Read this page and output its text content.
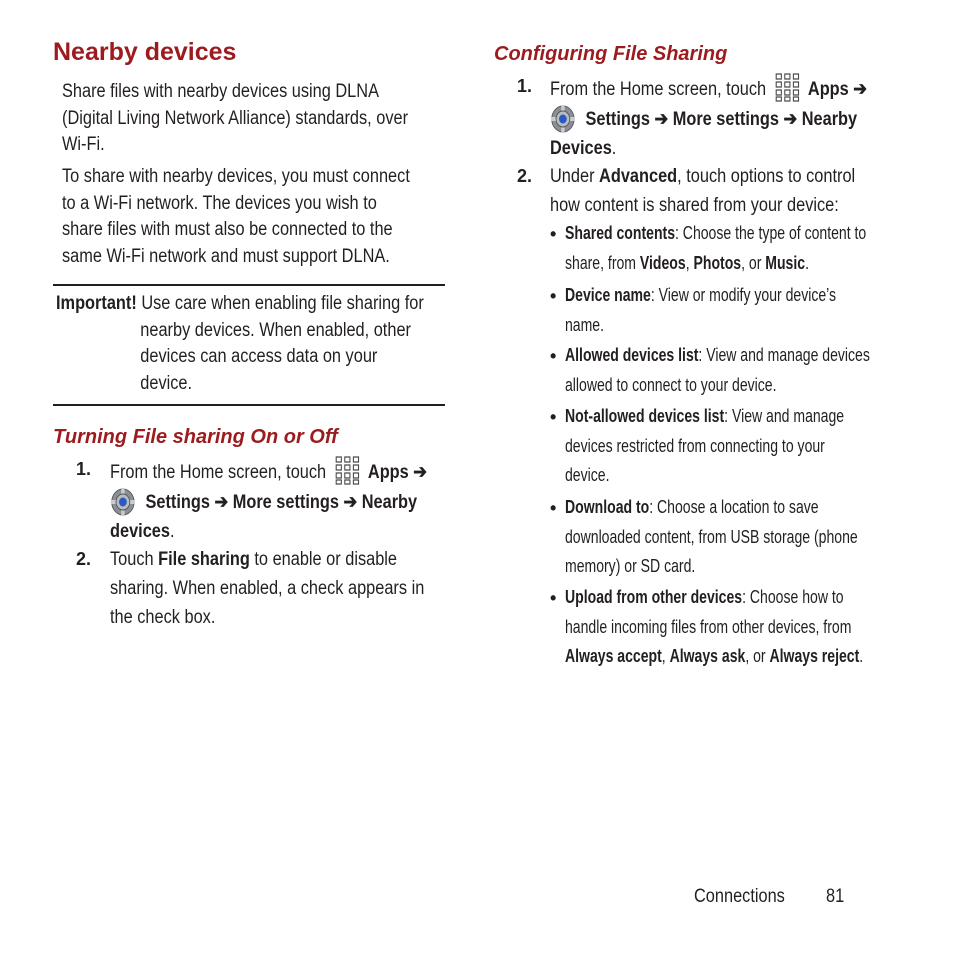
Nearby devices
Share files with nearby devices using DLNA
(Digital Living Network Alliance) standards, over
Wi-Fi.
To share with nearby devices, you must connect
to a Wi-Fi network. The devices you wish to
share files with must also be connected to the
same Wi-Fi network and must support DLNA.
Important! Use care when enabling file sharing for
nearby devices. When enabled, other
devices can access data on your
device.
Turning File sharing On or Off
1. From the Home screen, touch Apps ➔
Settings ➔ More settings ➔ Nearby
devices.
2. Touch File sharing to enable or disable
sharing. When enabled, a check appears in
the check box.
Configuring File Sharing
1. From the Home screen, touch Apps ➔
Settings ➔ More settings ➔ Nearby
Devices.
2. Under Advanced, touch options to control
how content is shared from your device:
• Shared contents: Choose the type of content to
share, from Videos, Photos, or Music.
• Device name: View or modify your device’s
name.
• Allowed devices list: View and manage devices
allowed to connect to your device.
• Not-allowed devices list: View and manage
devices restricted from connecting to your
device.
• Download to: Choose a location to save
downloaded content, from USB storage (phone
memory) or SD card.
• Upload from other devices: Choose how to
handle incoming files from other devices, from
Always accept, Always ask, or Always reject.
Connections 81
